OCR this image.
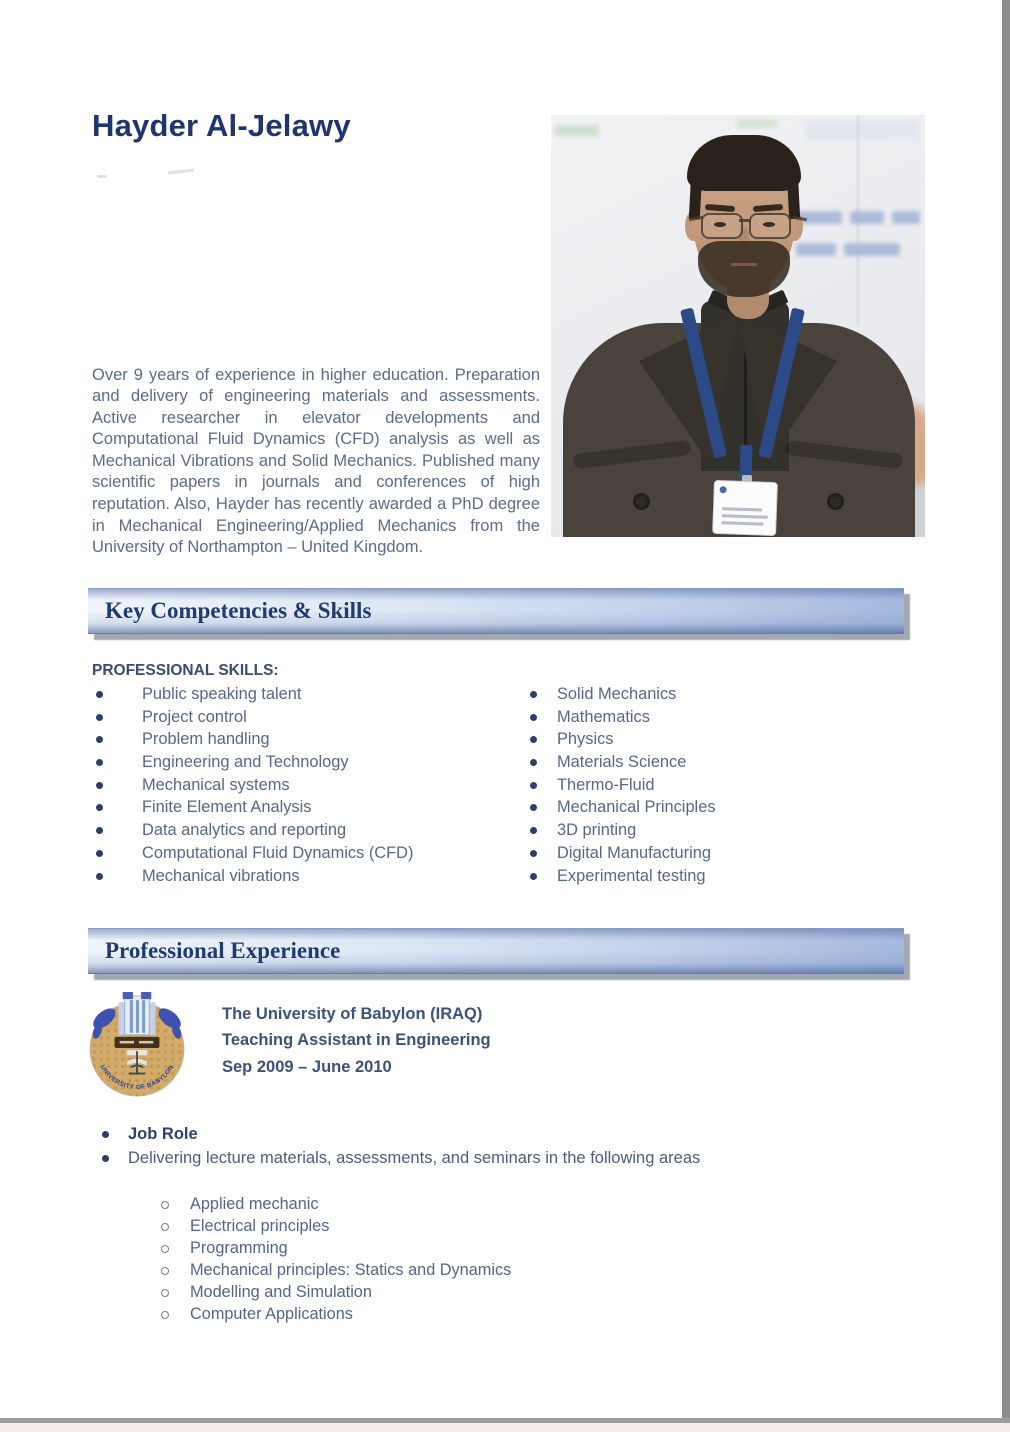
Hayder Al-Jelawy

Over 9 years of experience in higher education. Preparation and delivery of engineering materials and assessments. Active researcher in elevator developments and Computational Fluid Dynamics (CFD) analysis as well as Mechanical Vibrations and Solid Mechanics. Published many scientific papers in journals and conferences of high reputation. Also, Hayder has recently awarded a PhD degree in Mechanical Engineering/Applied Mechanics from the University of Northampton – United Kingdom.

Key Competencies & Skills
PROFESSIONAL SKILLS:
Public speaking talent
Project control
Problem handling
Engineering and Technology
Mechanical systems
Finite Element Analysis
Data analytics and reporting
Computational Fluid Dynamics (CFD)
Mechanical vibrations
Solid Mechanics
Mathematics
Physics
Materials Science
Thermo-Fluid
Mechanical Principles
3D printing
Digital Manufacturing
Experimental testing
Professional Experience
UNIVERSITY OF BABYLON
The University of Babylon (IRAQ)
Teaching Assistant in Engineering
Sep 2009 – June 2010
Job Role
Delivering lecture materials, assessments, and seminars in the following areas
Applied mechanic
Electrical principles
Programming
Mechanical principles: Statics and Dynamics
Modelling and Simulation
Computer Applications
